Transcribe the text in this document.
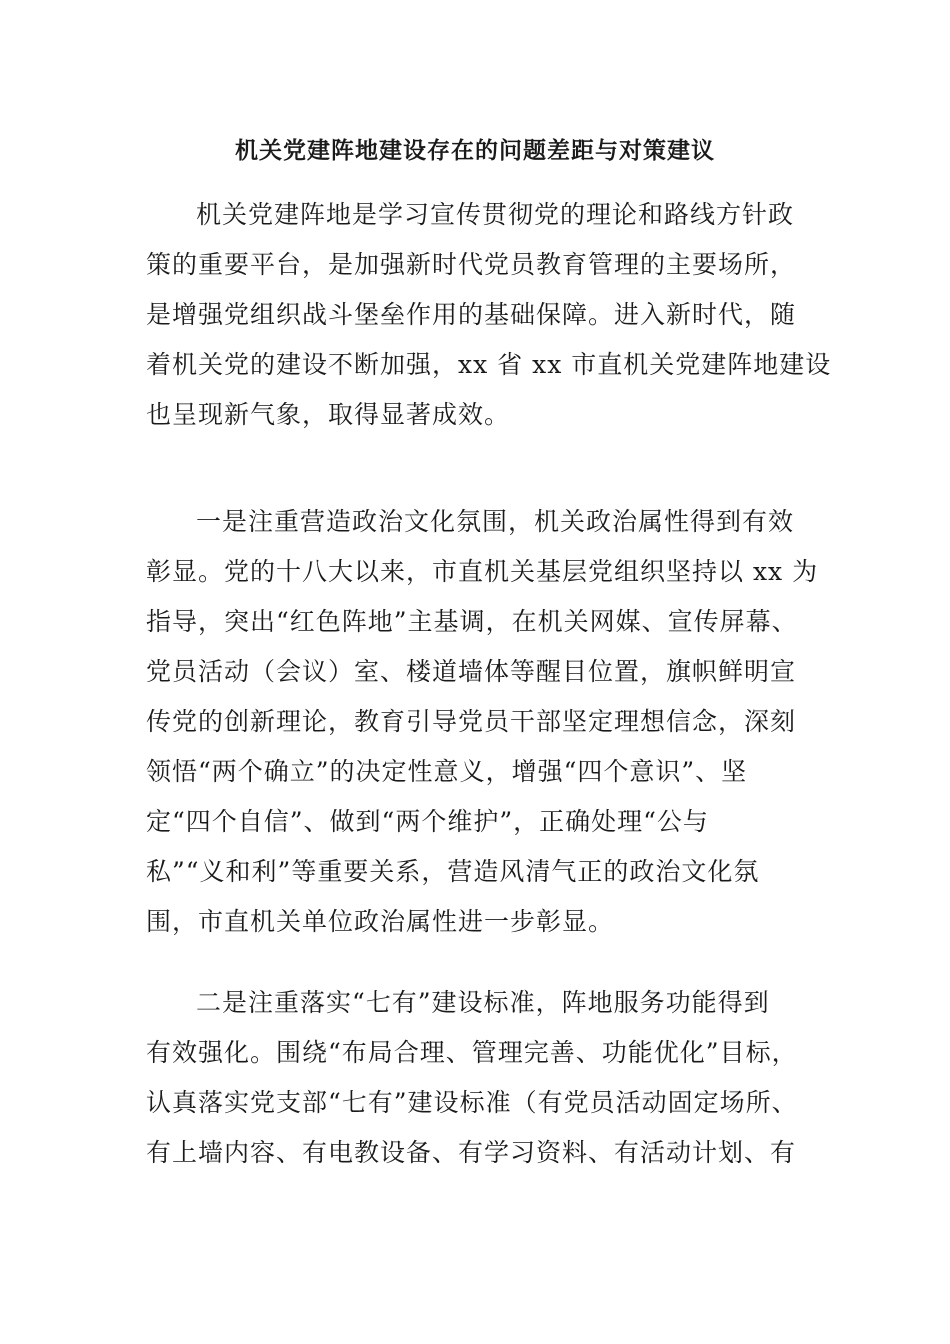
机关党建阵地建设存在的问题差距与对策建议
机关党建阵地是学习宣传贯彻党的理论和路线方针政
策的重要平台，是加强新时代党员教育管理的主要场所，
是增强党组织战斗堡垒作用的基础保障。进入新时代，随
着机关党的建设不断加强，xx 省 xx 市直机关党建阵地建设
也呈现新气象，取得显著成效。
一是注重营造政治文化氛围，机关政治属性得到有效
彰显。党的十八大以来，市直机关基层党组织坚持以 xx 为
指导，突出“红色阵地”主基调，在机关网媒、宣传屏幕、
党员活动（会议）室、楼道墙体等醒目位置，旗帜鲜明宣
传党的创新理论，教育引导党员干部坚定理想信念，深刻
领悟“两个确立”的决定性意义，增强“四个意识”、坚
定“四个自信”、做到“两个维护”，正确处理“公与
私”“义和利”等重要关系，营造风清气正的政治文化氛
围，市直机关单位政治属性进一步彰显。
二是注重落实“七有”建设标准，阵地服务功能得到
有效强化。围绕“布局合理、管理完善、功能优化”目标，
认真落实党支部“七有”建设标准（有党员活动固定场所、
有上墙内容、有电教设备、有学习资料、有活动计划、有
